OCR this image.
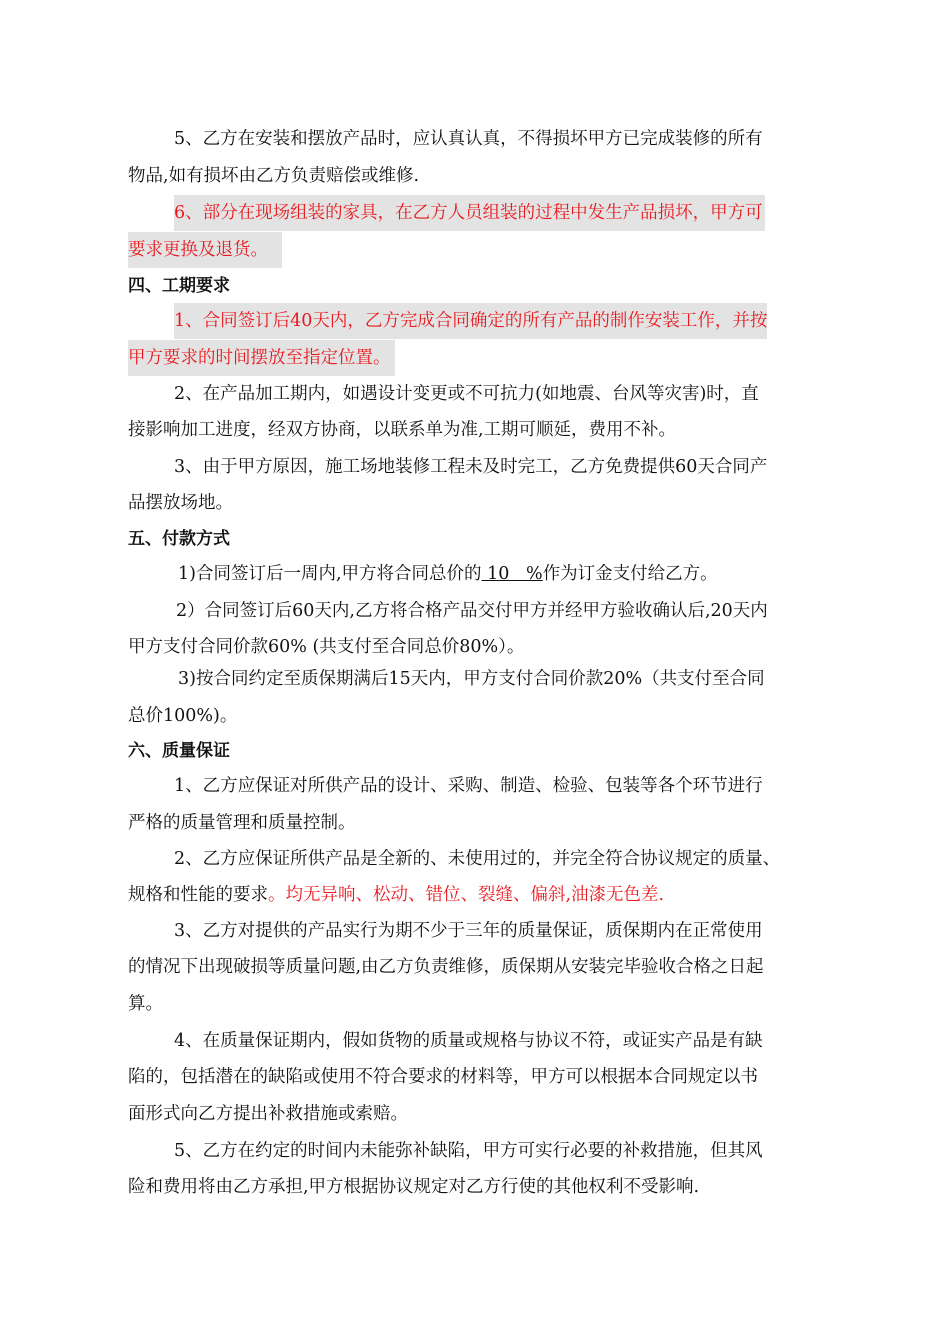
5、乙方在安装和摆放产品时，应认真认真，不得损坏甲方已完成装修的所有
物品,如有损坏由乙方负责赔偿或维修.
6、部分在现场组装的家具，在乙方人员组装的过程中发生产品损坏，甲方可
要求更换及退货。
四、工期要求
1、合同签订后40天内，乙方完成合同确定的所有产品的制作安装工作，并按
甲方要求的时间摆放至指定位置。
2、在产品加工期内，如遇设计变更或不可抗力(如地震、台风等灾害)时，直
接影响加工进度，经双方协商，以联系单为准,工期可顺延，费用不补。
3、由于甲方原因，施工场地装修工程未及时完工，乙方免费提供60天合同产
品摆放场地。
五、付款方式
1)合同签订后一周内,甲方将合同总价的 10   %作为订金支付给乙方。
2）合同签订后60天内,乙方将合格产品交付甲方并经甲方验收确认后,20天内
甲方支付合同价款60% (共支付至合同总价80%）。
3)按合同约定至质保期满后15天内，甲方支付合同价款20%（共支付至合同
总价100%)。
六、质量保证
1、乙方应保证对所供产品的设计、采购、制造、检验、包装等各个环节进行
严格的质量管理和质量控制。
2、乙方应保证所供产品是全新的、未使用过的，并完全符合协议规定的质量、
规格和性能的要求。均无异响、松动、错位、裂缝、偏斜,油漆无色差.
3、乙方对提供的产品实行为期不少于三年的质量保证，质保期内在正常使用
的情况下出现破损等质量问题,由乙方负责维修，质保期从安装完毕验收合格之日起
算。
4、在质量保证期内，假如货物的质量或规格与协议不符，或证实产品是有缺
陷的，包括潜在的缺陷或使用不符合要求的材料等，甲方可以根据本合同规定以书
面形式向乙方提出补救措施或索赔。
5、乙方在约定的时间内未能弥补缺陷，甲方可实行必要的补救措施，但其风
险和费用将由乙方承担,甲方根据协议规定对乙方行使的其他权利不受影响.
